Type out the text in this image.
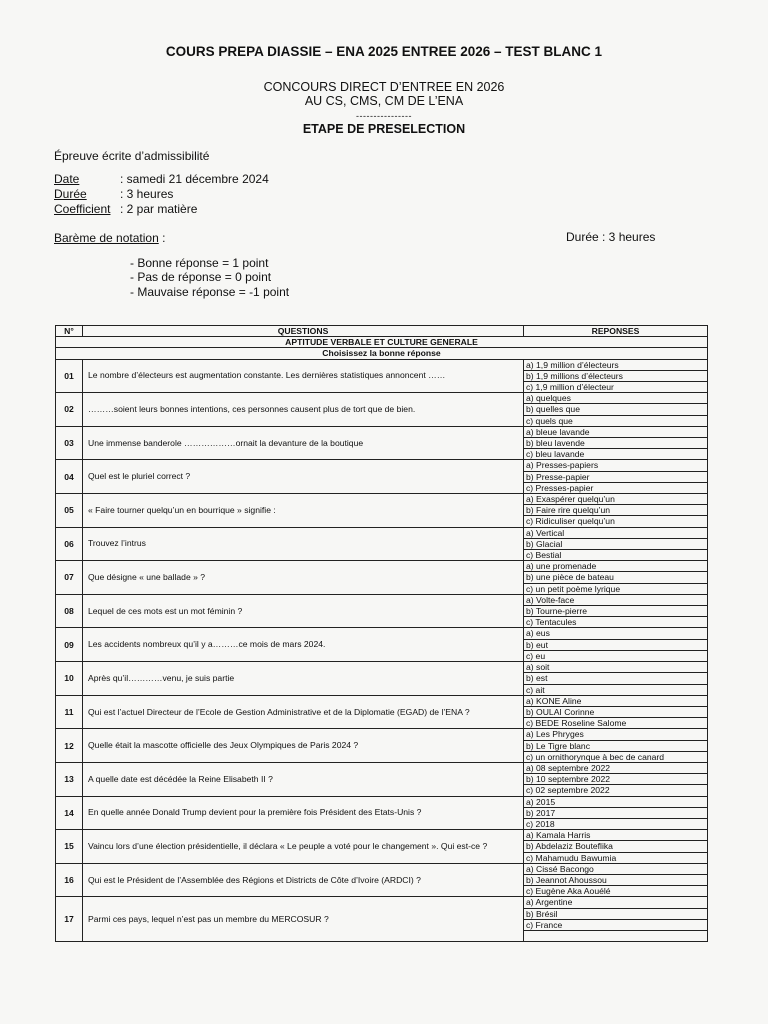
COURS PREPA DIASSIE – ENA 2025 ENTREE 2026 – TEST BLANC 1
CONCOURS DIRECT D’ENTREE EN 2026
AU CS, CMS, CM DE L’ENA
----------------
ETAPE DE PRESELECTION
Épreuve écrite d’admissibilité
Date	: samedi 21 décembre 2024
Durée	: 3 heures
Coefficient : 2 par matière
Barème de notation :	Durée : 3 heures
- Bonne réponse = 1 point
- Pas de réponse = 0 point
- Mauvaise réponse = -1 point
N°	QUESTIONS	REPONSES
APTITUDE VERBALE ET CULTURE GENERALE		
Choisissez la bonne réponse		
01	Le nombre d’électeurs est augmentation constante. Les dernières statistiques annoncent ……	a) 1,9 million d’électeurs
		b) 1,9 millions d’électeurs
		c) 1,9 million d’électeur
02	………soient leurs bonnes intentions, ces personnes causent plus de tort que de bien.	a) quelques
		b) quelles que
		c) quels que
03	Une immense banderole ………………ornait la devanture de la boutique	a) bleue lavande
		b) bleu lavende
		c) bleu lavande
04	Quel est le pluriel correct ?	a) Presses-papiers
		b) Presse-papier
		c) Presses-papier
05	« Faire tourner quelqu’un en bourrique » signifie :	a) Exaspérer quelqu’un
		b) Faire rire quelqu’un
		c) Ridiculiser quelqu’un
06	Trouvez l’intrus	a) Vertical
		b) Glacial
		c) Bestial
07	Que désigne « une ballade » ?	a) une promenade
		b) une pièce de bateau
		c) un petit poème lyrique
08	Lequel de ces mots est un mot féminin ?	a) Volte-face
		b) Tourne-pierre
		c) Tentacules
09	Les accidents nombreux qu’il y a………ce mois de mars 2024.	a) eus
		b) eut
		c) eu
10	Après qu’il…………venu, je suis partie	a) soit
		b) est
		c) ait
11	Qui est l’actuel Directeur de l’Ecole de Gestion Administrative et de la Diplomatie (EGAD) de l’ENA ?	a) KONE Aline
		b) OULAI Corinne
		c) BEDE Roseline Salome
12	Quelle était la mascotte officielle des Jeux Olympiques de Paris 2024 ?	a) Les Phryges
		b) Le Tigre blanc
		c) un ornithorynque à bec de canard
13	A quelle date est décédée la Reine Elisabeth II ?	a) 08 septembre 2022
		b) 10 septembre 2022
		c) 02 septembre 2022
14	En quelle année Donald Trump devient pour la première fois Président des Etats-Unis ?	a) 2015
		b) 2017
		c) 2018
15	Vaincu lors d’une élection présidentielle, il déclara « Le peuple a voté pour le changement ». Qui est-ce ?	a) Kamala Harris
		b) Abdelaziz Bouteflika
		c) Mahamudu Bawumia
16	Qui est le Président de l’Assemblée des Régions et Districts de Côte d’Ivoire (ARDCI) ?	a) Cissé Bacongo
		b) Jeannot Ahoussou
		c) Eugène Aka Aouélé
17	Parmi ces pays, lequel n’est pas un membre du MERCOSUR ?	a) Argentine
		b) Brésil
		c) France
